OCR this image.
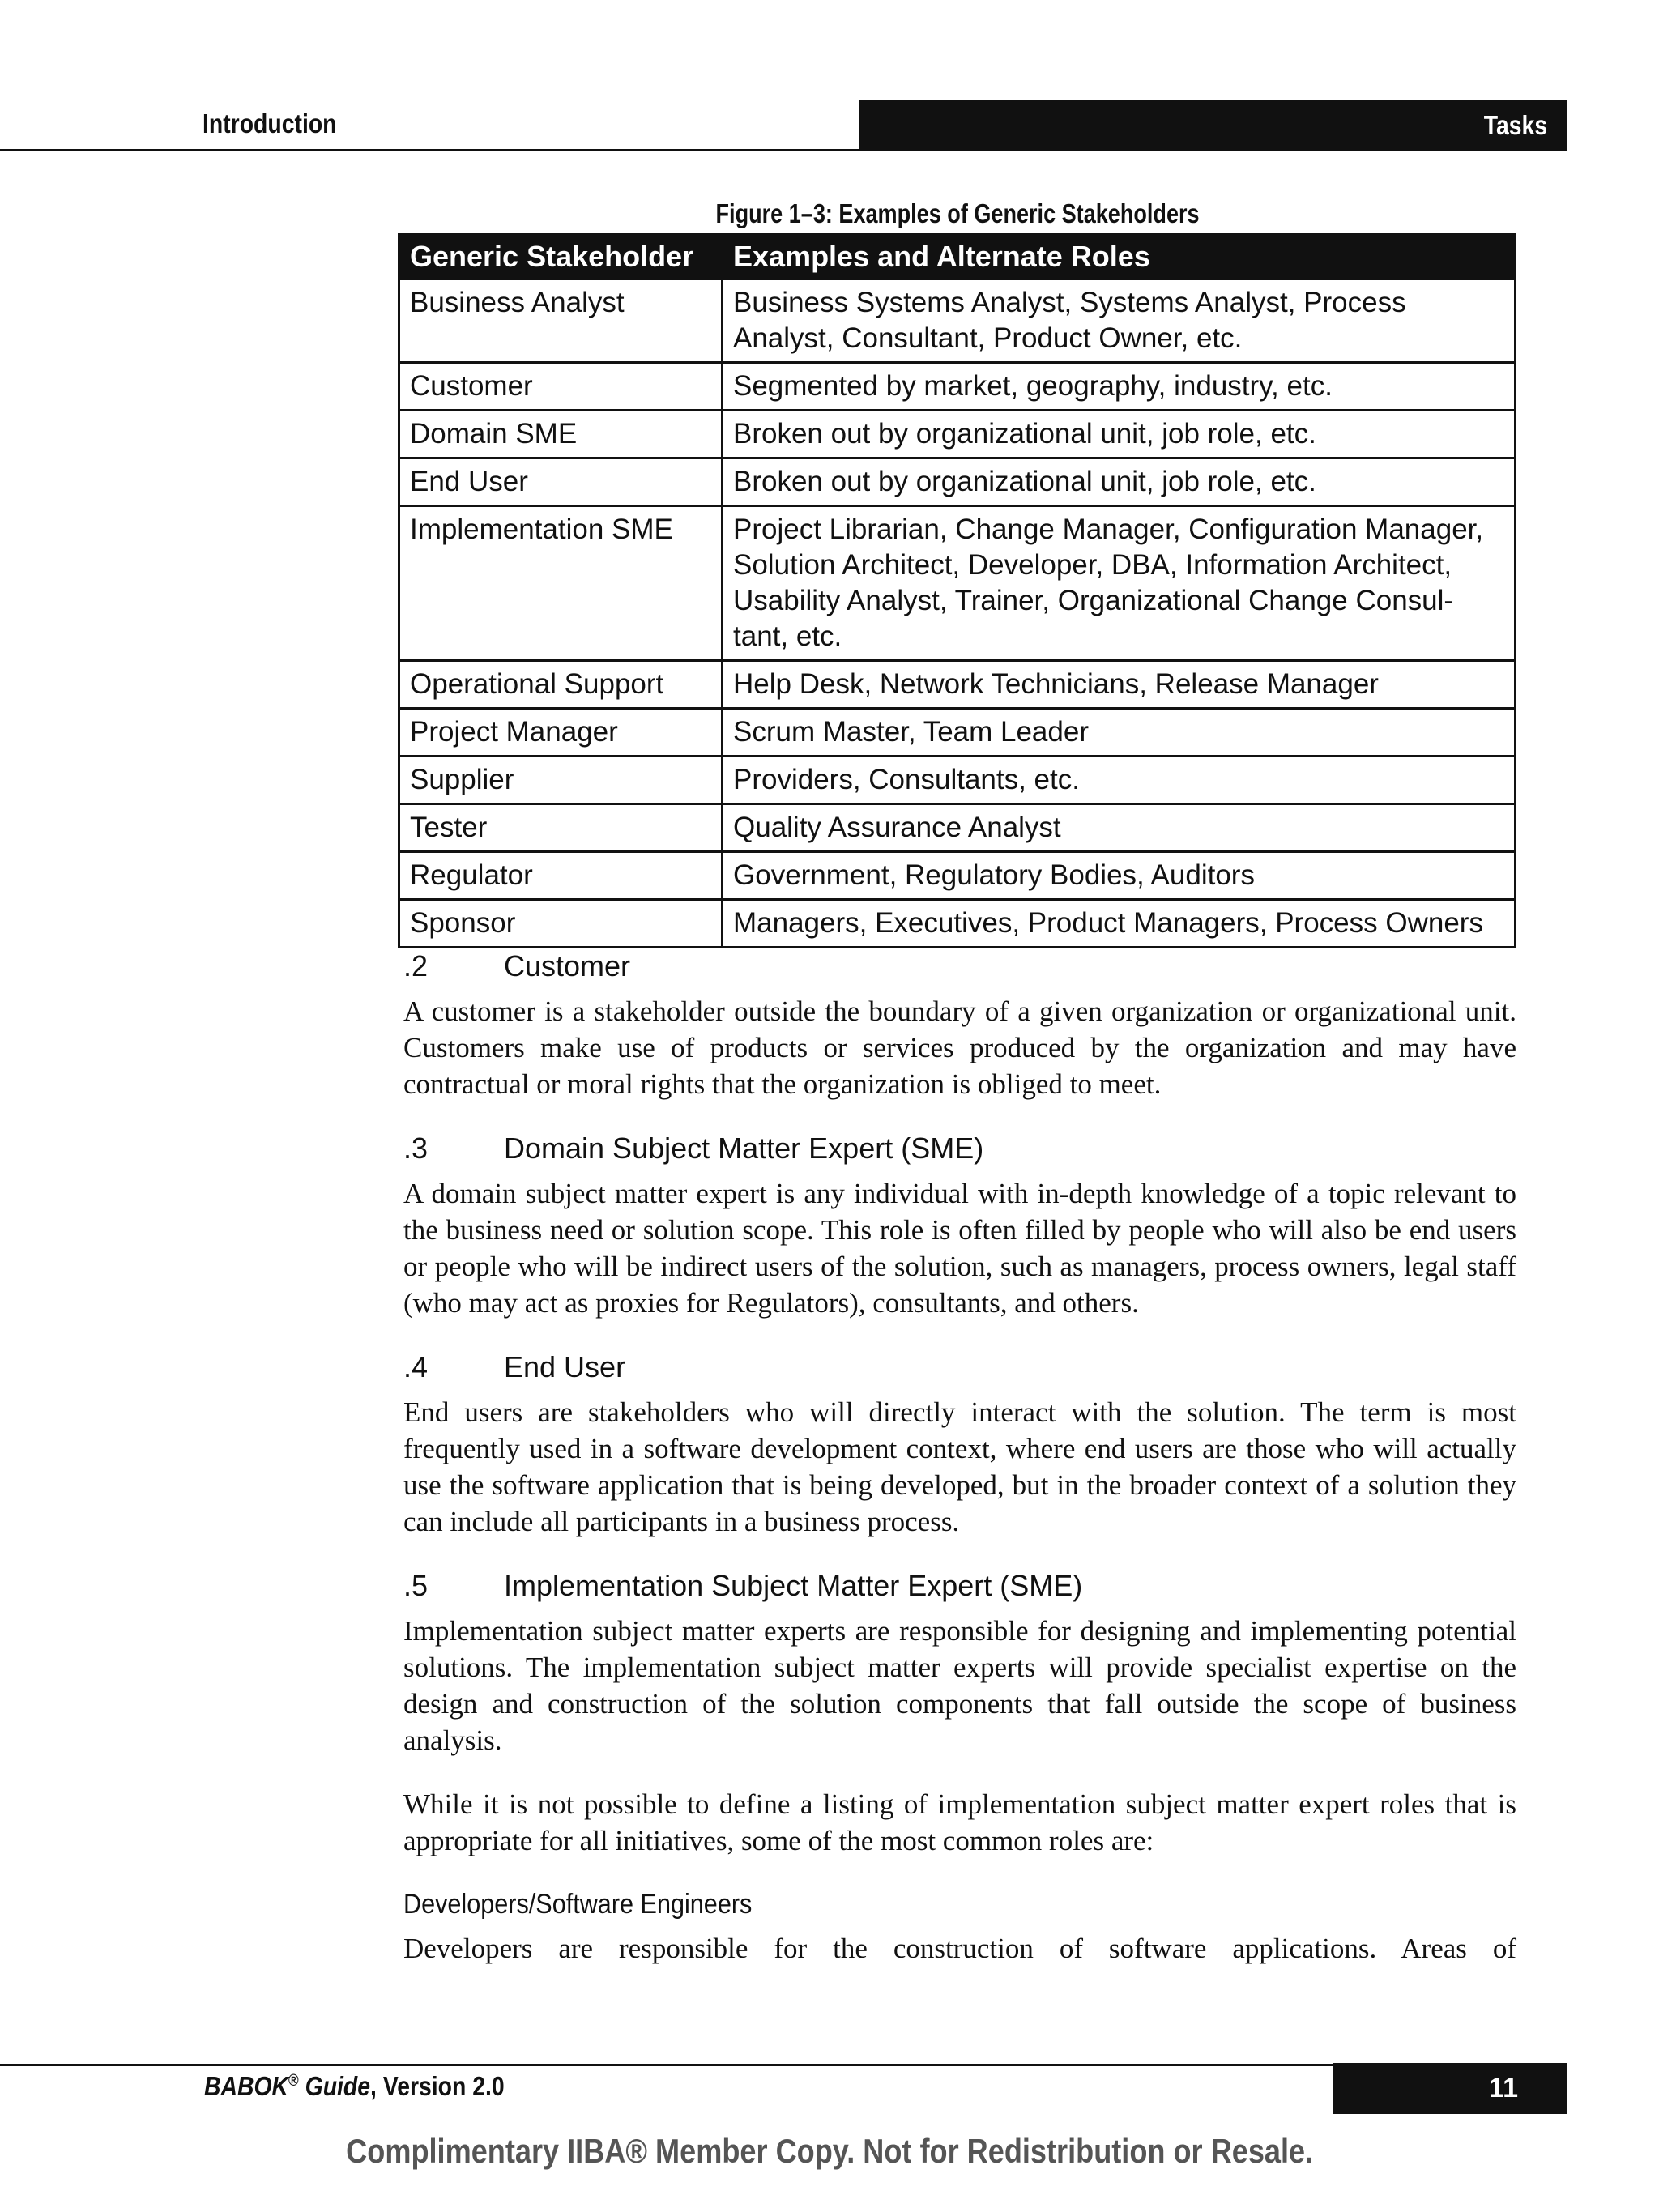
Introduction	Tasks
Figure 1–3: Examples of Generic Stakeholders
Generic Stakeholder	Examples and Alternate Roles
Business Analyst	Business Systems Analyst, Systems Analyst, Process Analyst, Consultant, Product Owner, etc.
Customer	Segmented by market, geography, industry, etc.
Domain SME	Broken out by organizational unit, job role, etc.
End User	Broken out by organizational unit, job role, etc.
Implementation SME	Project Librarian, Change Manager, Configuration Manager, Solution Architect, Developer, DBA, Information Architect, Usability Analyst, Trainer, Organizational Change Consul-tant, etc.
Operational Support	Help Desk, Network Technicians, Release Manager
Project Manager	Scrum Master, Team Leader
Supplier	Providers, Consultants, etc.
Tester	Quality Assurance Analyst
Regulator	Government, Regulatory Bodies, Auditors
Sponsor	Managers, Executives, Product Managers, Process Owners
.2	Customer

A customer is a stakeholder outside the boundary of a given organization or organizational unit. Customers make use of products or services produced by the organization and may have contractual or moral rights that the organization is obliged to meet.

.3	Domain Subject Matter Expert (SME)

A domain subject matter expert is any individual with in-depth knowledge of a topic relevant to the business need or solution scope. This role is often filled by people who will also be end users or people who will be indirect users of the solution, such as managers, process owners, legal staff (who may act as proxies for Regulators), consultants, and others.

.4	End User

End users are stakeholders who will directly interact with the solution. The term is most frequently used in a software development context, where end users are those who will actually use the software application that is being developed, but in the broader context of a solution they can include all participants in a business process.

.5	Implementation Subject Matter Expert (SME)

Implementation subject matter experts are responsible for designing and implementing potential solutions. The implementation subject matter experts will provide specialist expertise on the design and construction of the solution components that fall outside the scope of business analysis.

While it is not possible to define a listing of implementation subject matter expert roles that is appropriate for all initiatives, some of the most common roles are:

Developers/Software Engineers

Developers are responsible for the construction of software applications. Areas of

BABOK® Guide, Version 2.0	11
Complimentary IIBA® Member Copy. Not for Redistribution or Resale.
